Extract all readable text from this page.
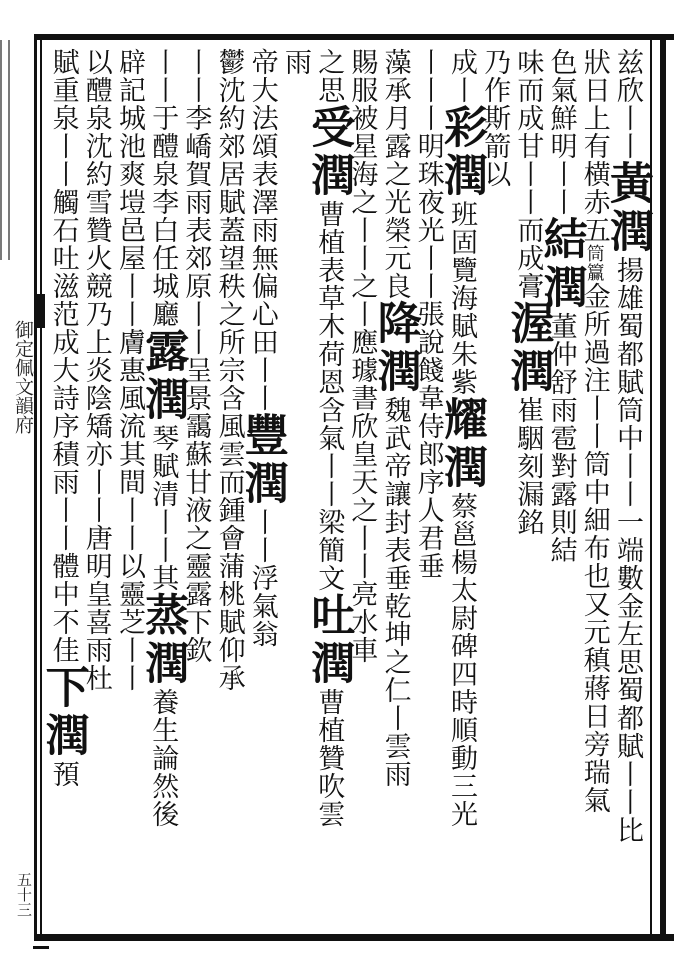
御定佩文韻府
五十三
兹欣丨丨黃潤揚雄蜀都賦筒中丨丨一端數金左思蜀都賦丨丨比
狀日上有横赤五筒籯金所過注丨丨筒中細布也又元稹蔣日旁瑞氣
色氣鮮明丨丨結潤董仲舒雨雹對露則結
味而成甘丨丨而成膏渥潤崔駰刻漏銘
乃作斯箭以
成丨彩潤班固覽海賦朱紫耀潤蔡邕楊太尉碑四時順動三光
丨丨丨明珠夜光丨丨張說餞韋侍郎序人君垂
藻承月露之光榮元良降潤魏武帝讓封表垂乾坤之仁丨雲雨
賜服被星海之丨丨之丨應璩書欣皇天之丨丨亮水車
之思受潤曹植表草木荷恩含氣丨丨梁簡文吐潤曹植贊吹雲
雨
帝大法頌表澤雨無偏心田丨丨豐潤丨丨浮氣翁
鬱沈約郊居賦蓋望秩之所宗含風雲而鍾會蒲桃賦仰承
丨丨李嶠賀雨表郊原丨丨呈景靄蘇甘液之靈露下欽
丨丨于醴泉李白任城廳露潤琴賦清丨丨其蒸潤養生論然後
辟記城池爽塏邑屋丨丨膚惠風流其間丨丨以靈芝丨丨
以醴泉沈約雪贊火競乃上炎陰矯亦丨丨唐明皇喜雨杜
賦重泉丨丨觸石吐滋范成大詩序積雨丨丨體中不佳下潤預
